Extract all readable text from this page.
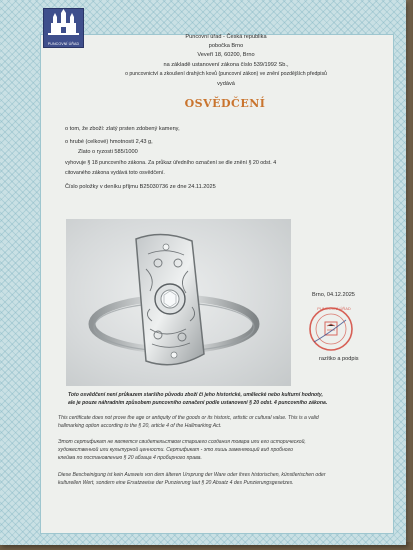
PUNCOVNÍ ÚŘAD
Puncovní úřad - Česká republika
pobočka Brno
Veveří 18, 60200, Brno
na základě ustanovení zákona číslo 539/1992 Sb.,
o puncovnictví a zkoušení drahých kovů (puncovní zákon) ve znění pozdějších předpisů
vydává
OSVĚDČENÍ
o tom, že zboží: zlatý prsten zdobený kameny,
o hrubé (celkové) hmotnosti 2,43 g,
Zlato o ryzosti 585/1000
vyhovuje § 18 puncovního zákona. Za průkaz úředního označení se dle znění § 20 odst. 4
citovaného zákona vydává toto osvědčení.
Číslo položky v deníku příjmu B25030736 ze dne 24.11.2025
Brno, 04.12.2025
PUNCOVNÍ ÚŘAD
razítko a podpis
Toto osvědčení není průkazem staršího původu zboží či jeho historické, umělecké nebo kulturní hodnoty,
ale je pouze náhradním způsobem puncovního označení podle ustanovení § 20 odst. 4 puncovního zákona.
This certificate does not prove the age or antiquity of the goods or its historic, artistic or cultural value. This is a valid
hallmarking option according to the § 20, article 4 of the Hallmarking Act.
Этот сертификат не является свидетельством старшего создания товара или его исторической,
художественной или культурной ценности. Сертификат - это лишь заменяющий вид пробного
клейма по постановлению § 20 абзаца 4 пробирного права.
Diese Bescheinigung ist kein Ausweis von dem älteren Ursprung der Ware oder ihres historischen, künstlerischen oder
kulturellen Wert, sondern eine Ersatzweise der Punzierung laut § 20 Absatz 4 des Punzierungsgesetzes.
